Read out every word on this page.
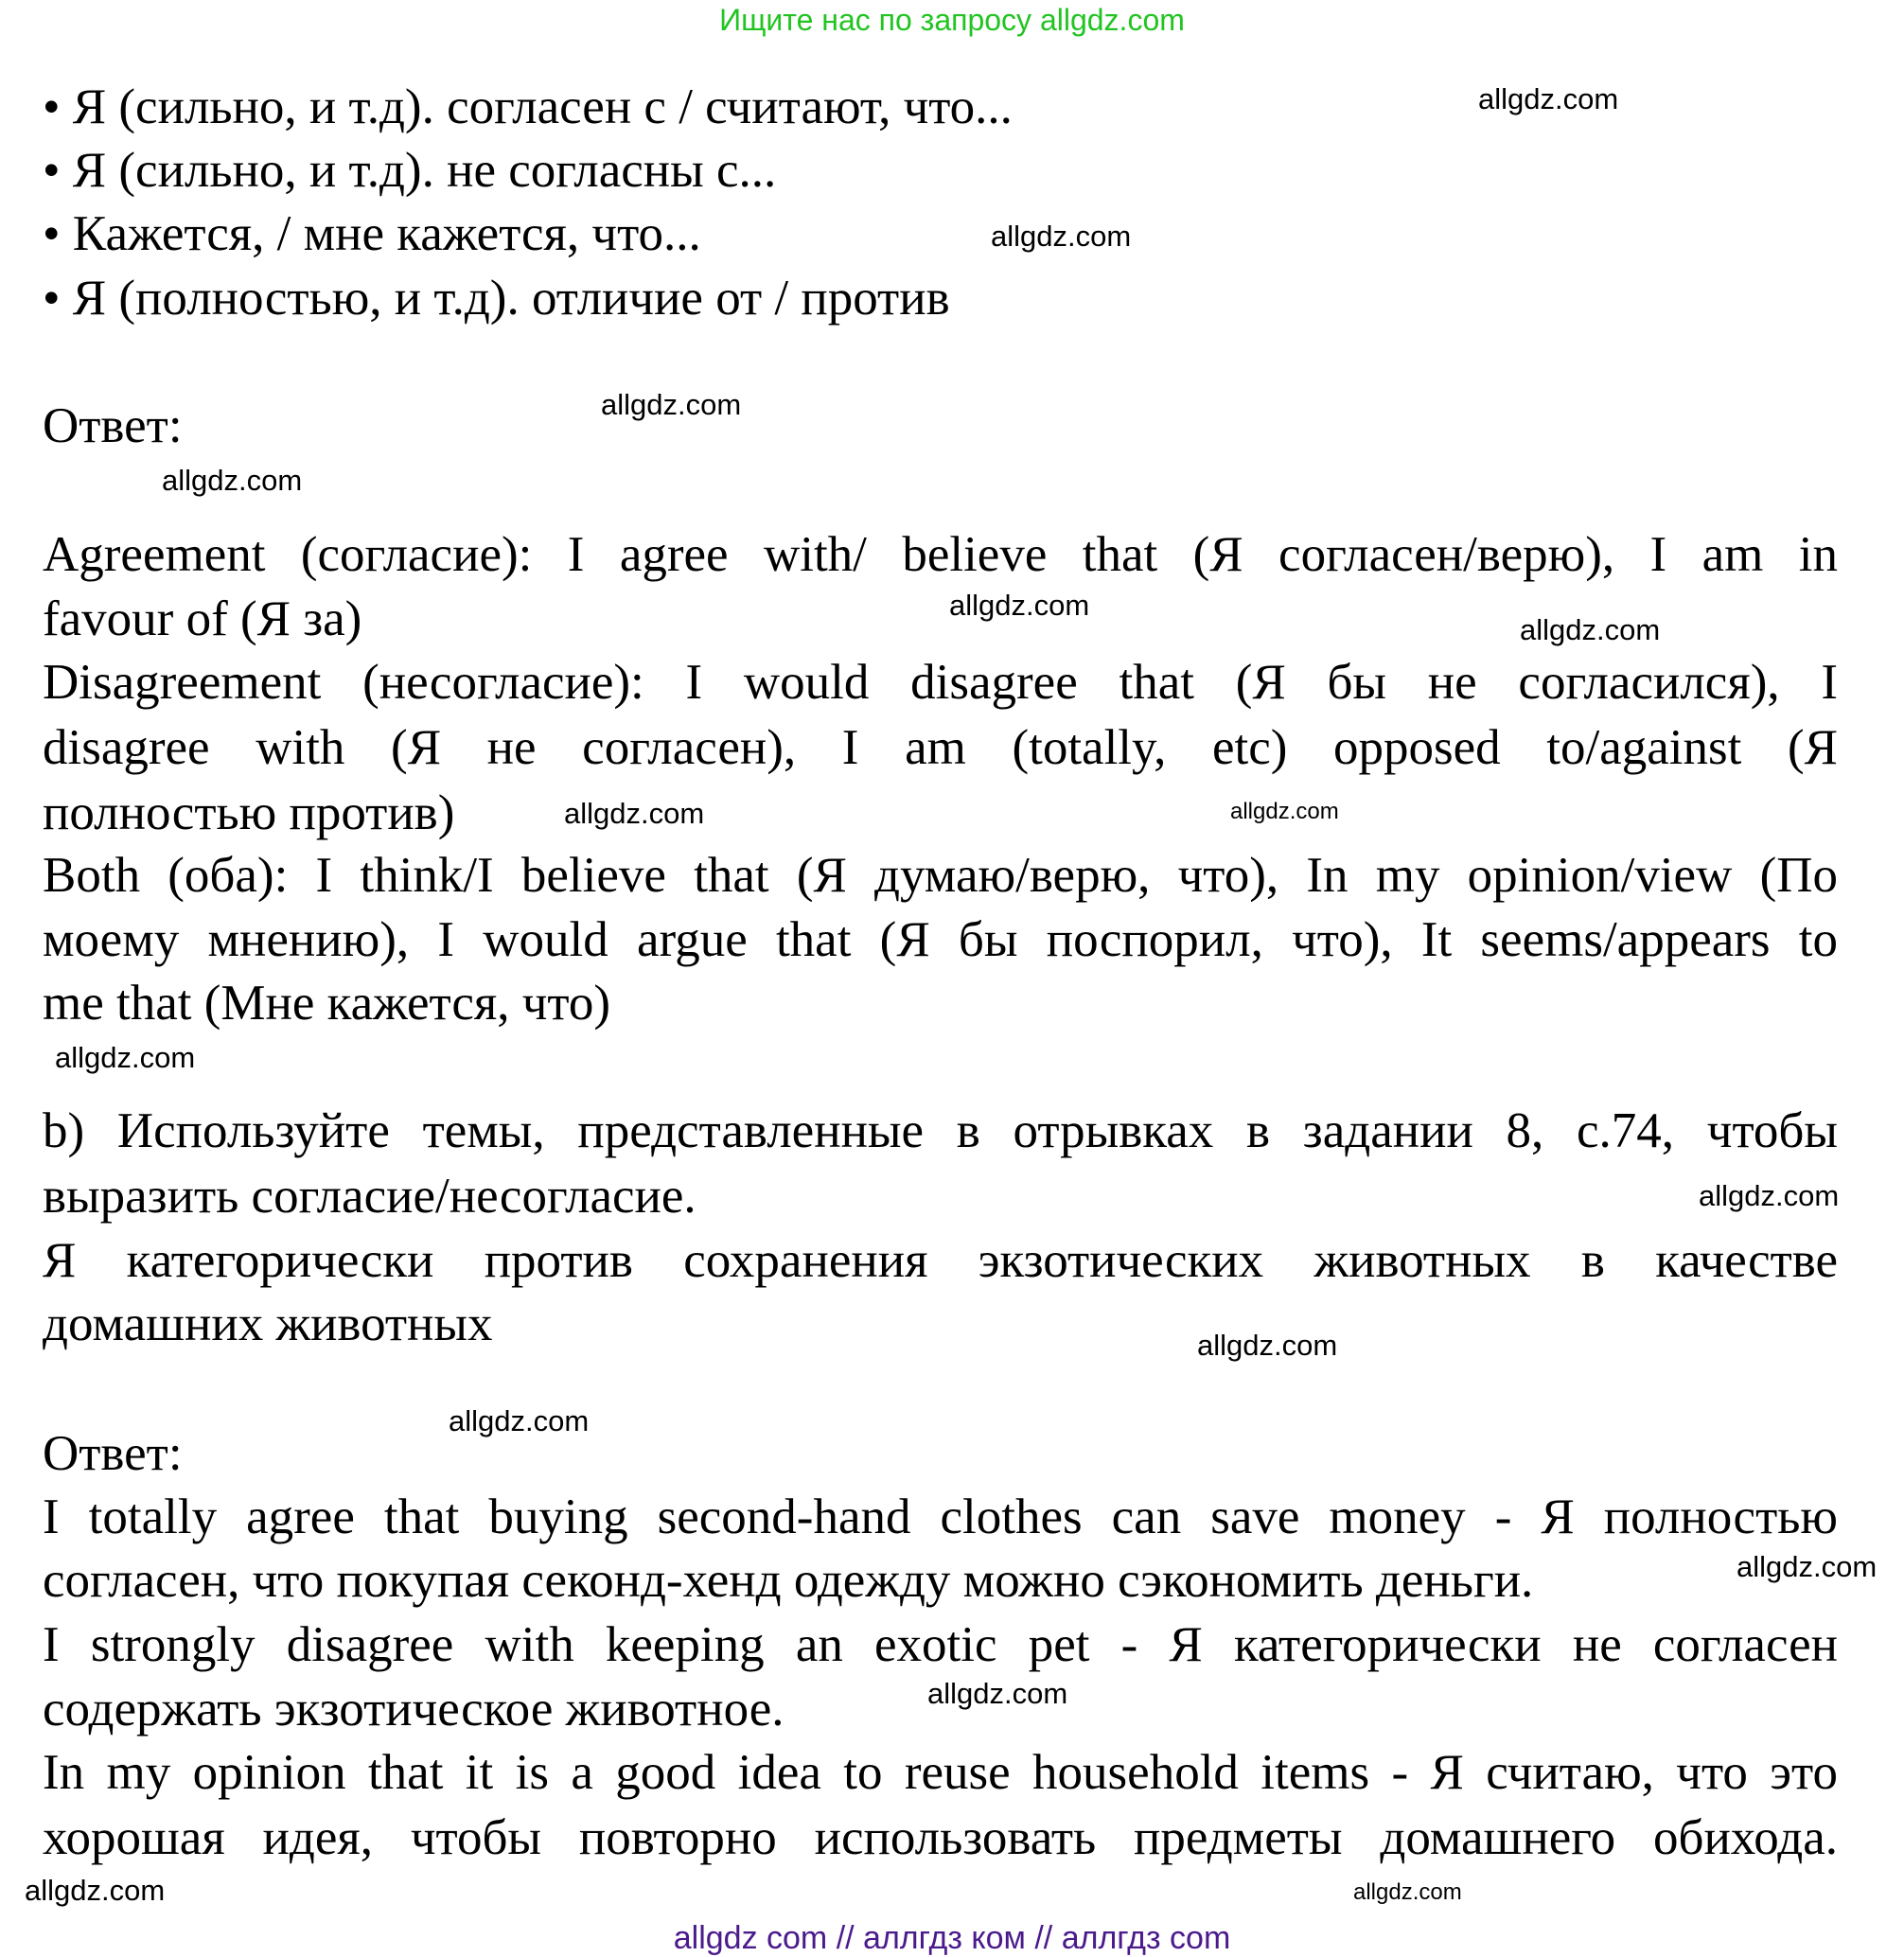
Ищите нас по запросу allgdz.com
• Я (сильно, и т.д). согласен с / считают, что...
• Я (сильно, и т.д). не согласны с...
• Кажется, / мне кажется, что...
• Я (полностью, и т.д). отличие от / против
Ответ:
Agreement (согласие): I agree with/ believe that (Я согласен/верю), I am in
favour of (Я за)
Disagreement (несогласие): I would disagree that (Я бы не согласился), I
disagree with (Я не согласен), I am (totally, etc) opposed to/against (Я
полностью против)
Both (оба): I think/I believe that (Я думаю/верю, что), In my opinion/view (По
моему мнению), I would argue that (Я бы поспорил, что), It seems/appears to
me that (Мне кажется, что)
b) Используйте темы, представленные в отрывках в задании 8, с.74, чтобы
выразить согласие/несогласие.
Я категорически против сохранения экзотических животных в качестве
домашних животных
Ответ:
I totally agree that buying second-hand clothes can save money - Я полностью
согласен, что покупая секонд-хенд одежду можно сэкономить деньги.
I strongly disagree with keeping an exotic pet - Я категорически не согласен
содержать экзотическое животное.
In my opinion that it is a good idea to reuse household items - Я считаю, что это
хорошая идея, чтобы повторно использовать предметы домашнего обихода.
allgdz.com
allgdz.com
allgdz.com
allgdz.com
allgdz.com
allgdz.com
allgdz.com
allgdz.com
allgdz.com
allgdz.com
allgdz.com
allgdz.com
allgdz.com
allgdz.com
allgdz.com
allgdz.com
allgdz com // аллгдз ком // аллгдз com
